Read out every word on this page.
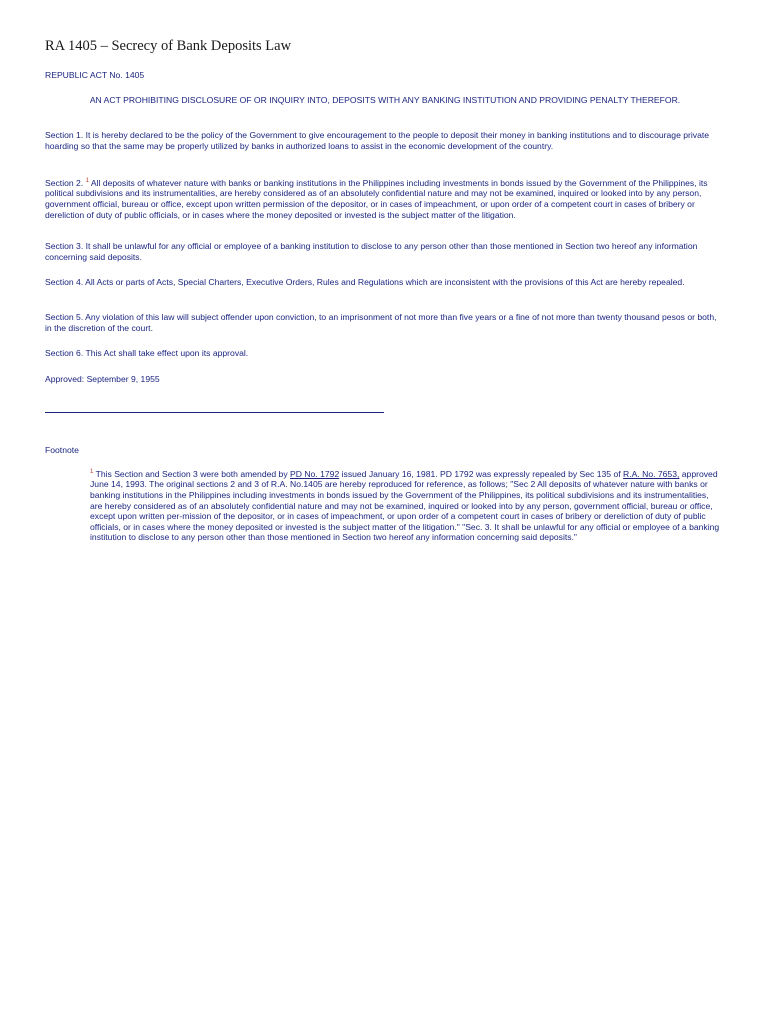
RA 1405 – Secrecy of Bank Deposits Law
REPUBLIC ACT No. 1405
AN ACT PROHIBITING DISCLOSURE OF OR INQUIRY INTO, DEPOSITS WITH ANY BANKING INSTITUTION AND PROVIDING PENALTY THEREFOR.

Section 1. It is hereby declared to be the policy of the Government to give encouragement to the people to deposit their money in banking institutions and to discourage private hoarding so that the same may be properly utilized by banks in authorized loans to assist in the economic development of the country.

Section 2. $^1$ All deposits of whatever nature with banks or banking institutions in the Philippines including investments in bonds issued by the Government of the Philippines, its political subdivisions and its instrumentalities, are hereby considered as of an absolutely confidential nature and may not be examined, inquired or looked into by any person, government official, bureau or office, except upon written permission of the depositor, or in cases of impeachment, or upon order of a competent court in cases of bribery or dereliction of duty of public officials, or in cases where the money deposited or invested is the subject matter of the litigation.

Section 3. It shall be unlawful for any official or employee of a banking institution to disclose to any person other than those mentioned in Section two hereof any information concerning said deposits.

Section 4. All Acts or parts of Acts, Special Charters, Executive Orders, Rules and Regulations which are inconsistent with the provisions of this Act are hereby repealed.

Section 5. Any violation of this law will subject offender upon conviction, to an imprisonment of not more than five years or a fine of not more than twenty thousand pesos or both, in the discretion of the court.

Section 6. This Act shall take effect upon its approval.

Approved: September 9, 1955

Footnote

$^1$ This Section and Section 3 were both amended by PD No. 1792 issued January 16, 1981. PD 1792 was expressly repealed by Sec 135 of R.A. No. 7653, approved June 14, 1993. The original sections 2 and 3 of R.A. No.1405 are hereby reproduced for reference, as follows; "Sec 2 All deposits of whatever nature with banks or banking institutions in the Philippines including investments in bonds issued by the Government of the Philippines, its political subdivisions and its instrumentalities, are hereby considered as of an absolutely confidential nature and may not be examined, inquired or looked into by any person, government official, bureau or office, except upon written per-mission of the depositor, or in cases of impeachment, or upon order of a competent court in cases of bribery or dereliction of duty of public officials, or in cases where the money deposited or invested is the subject matter of the litigation." "Sec. 3. It shall be unlawful for any official or employee of a banking institution to disclose to any person other than those mentioned in Section two hereof any information concerning said deposits."
